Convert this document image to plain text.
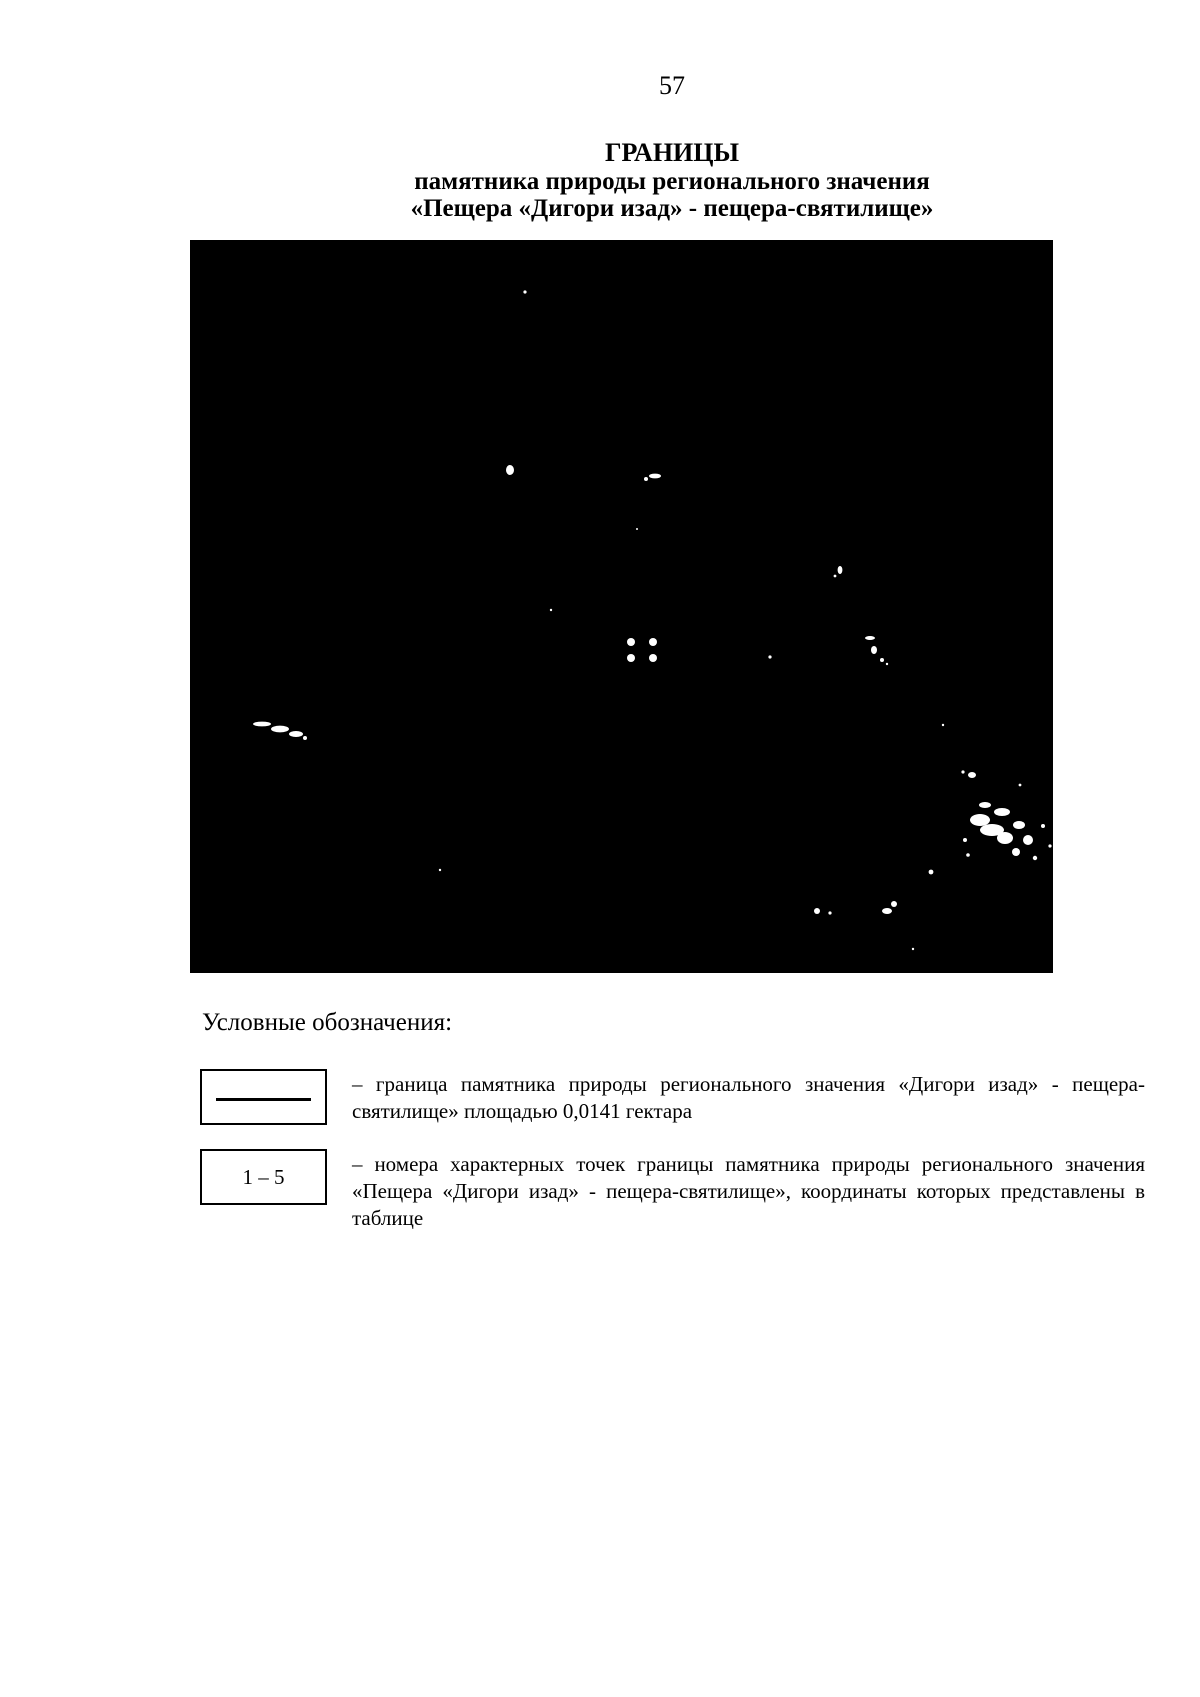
57
ГРАНИЦЫ
памятника природы регионального значения
«Пещера «Дигори изад» - пещера-святилище»
Условные обозначения:
– граница памятника природы регионального значения «Дигори изад» - пещера-святилище» площадью 0,0141 гектара
1 – 5
– номера характерных точек границы памятника природы регионального значения «Пещера «Дигори изад» - пещера-святилище», координаты которых представлены в таблице
